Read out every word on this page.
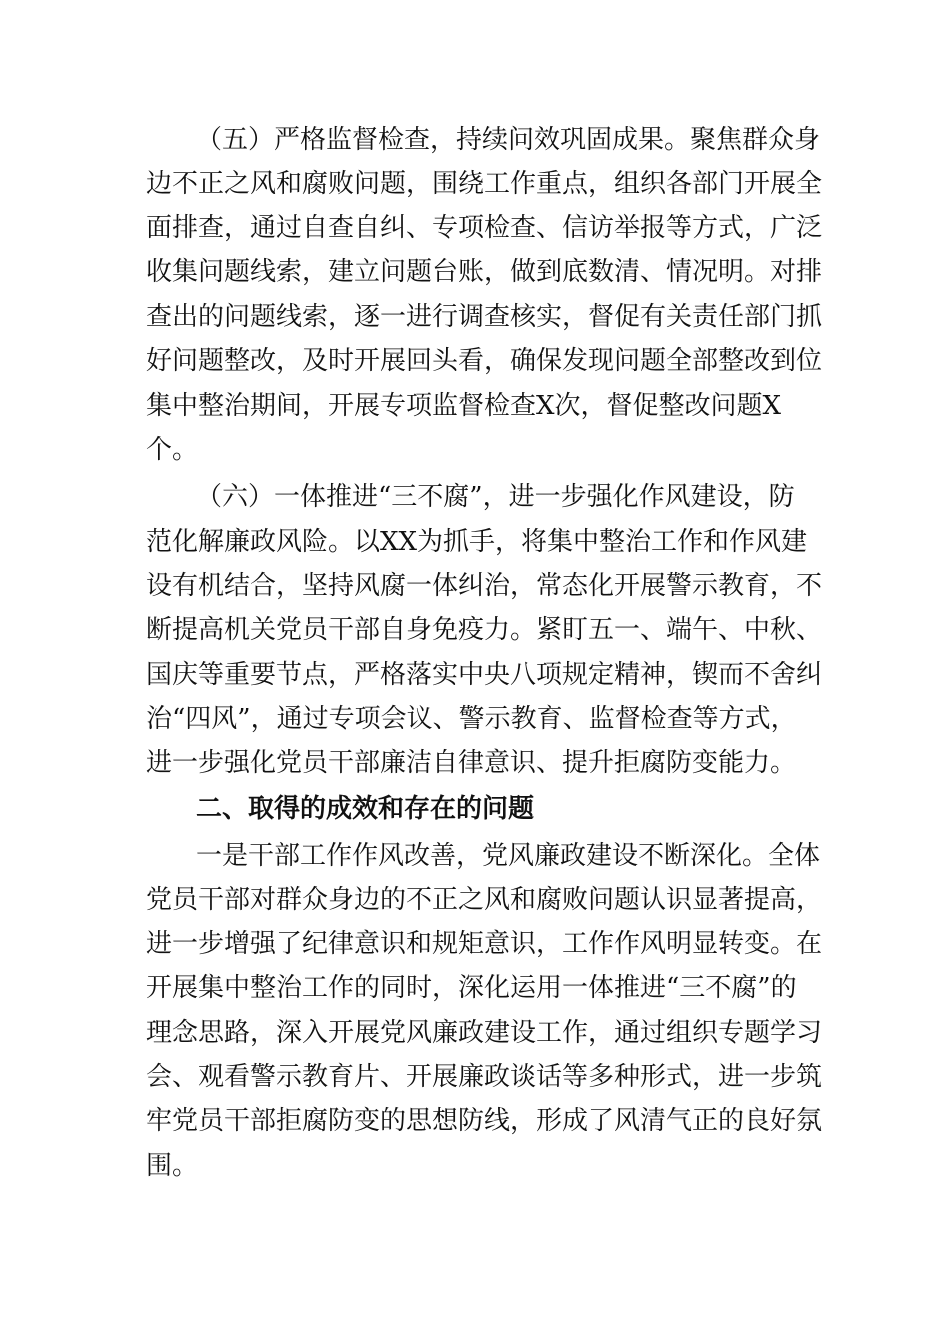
（五）严格监督检查，持续问效巩固成果。聚焦群众身
边不正之风和腐败问题，围绕工作重点，组织各部门开展全
面排查，通过自查自纠、专项检查、信访举报等方式，广泛
收集问题线索，建立问题台账，做到底数清、情况明。对排
查出的问题线索，逐一进行调查核实，督促有关责任部门抓
好问题整改，及时开展回头看，确保发现问题全部整改到位
集中整治期间，开展专项监督检查X次，督促整改问题X
个。
（六）一体推进“三不腐”，进一步强化作风建设，防
范化解廉政风险。以XX为抓手，将集中整治工作和作风建
设有机结合，坚持风腐一体纠治，常态化开展警示教育，不
断提高机关党员干部自身免疫力。紧盯五一、端午、中秋、
国庆等重要节点，严格落实中央八项规定精神，锲而不舍纠
治“四风”，通过专项会议、警示教育、监督检查等方式，
进一步强化党员干部廉洁自律意识、提升拒腐防变能力。
二、取得的成效和存在的问题
一是干部工作作风改善，党风廉政建设不断深化。全体
党员干部对群众身边的不正之风和腐败问题认识显著提高，
进一步增强了纪律意识和规矩意识，工作作风明显转变。在
开展集中整治工作的同时，深化运用一体推进“三不腐”的
理念思路，深入开展党风廉政建设工作，通过组织专题学习
会、观看警示教育片、开展廉政谈话等多种形式，进一步筑
牢党员干部拒腐防变的思想防线，形成了风清气正的良好氛
围。
